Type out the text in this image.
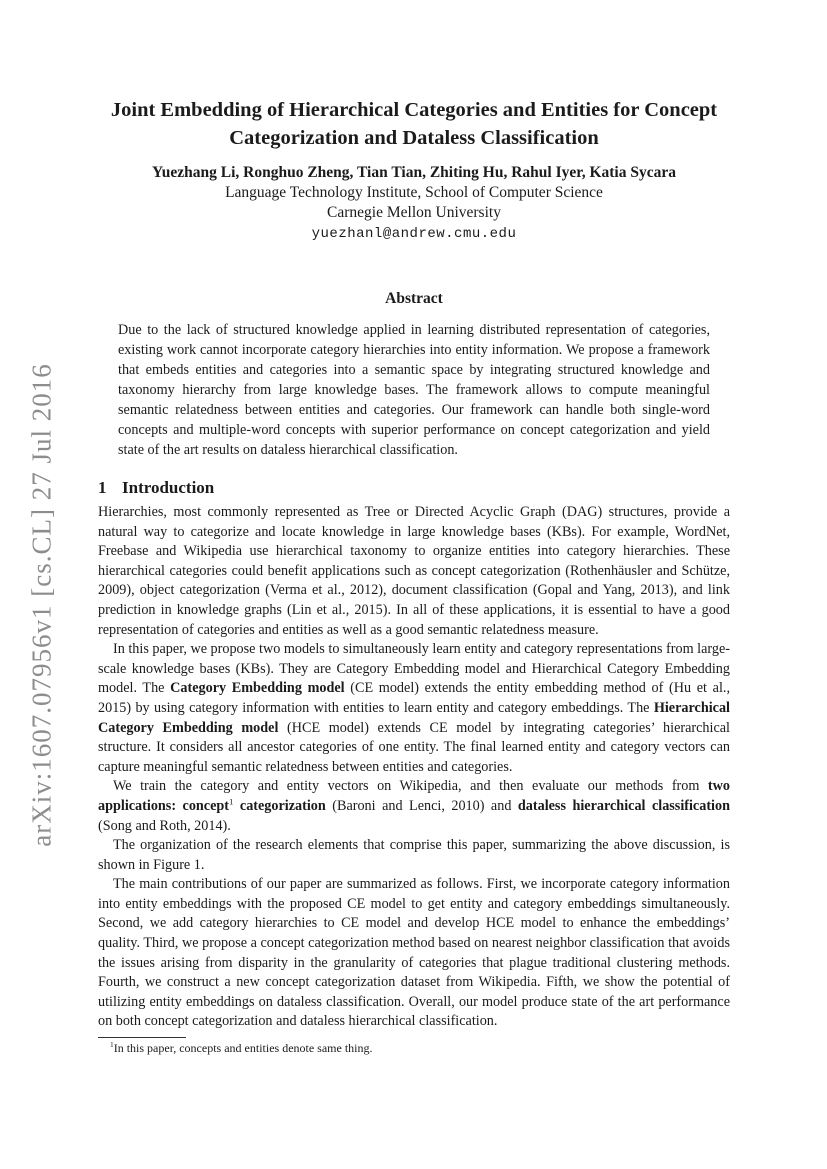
arXiv:1607.07956v1 [cs.CL] 27 Jul 2016
Joint Embedding of Hierarchical Categories and Entities for Concept
Categorization and Dataless Classification
Yuezhang Li, Ronghuo Zheng, Tian Tian, Zhiting Hu, Rahul Iyer, Katia Sycara
Language Technology Institute, School of Computer Science
Carnegie Mellon University
yuezhanl@andrew.cmu.edu
Abstract

Due to the lack of structured knowledge applied in learning distributed representation of categories, existing work cannot incorporate category hierarchies into entity information. We propose a framework that embeds entities and categories into a semantic space by integrating structured knowledge and taxonomy hierarchy from large knowledge bases. The framework allows to compute meaningful semantic relatedness between entities and categories. Our framework can handle both single-word concepts and multiple-word concepts with superior performance on concept categorization and yield state of the art results on dataless hierarchical classification.

1 Introduction

Hierarchies, most commonly represented as Tree or Directed Acyclic Graph (DAG) structures, provide a natural way to categorize and locate knowledge in large knowledge bases (KBs). For example, WordNet, Freebase and Wikipedia use hierarchical taxonomy to organize entities into category hierarchies. These hierarchical categories could benefit applications such as concept categorization (Rothenhäusler and Schütze, 2009), object categorization (Verma et al., 2012), document classification (Gopal and Yang, 2013), and link prediction in knowledge graphs (Lin et al., 2015). In all of these applications, it is essential to have a good representation of categories and entities as well as a good semantic relatedness measure.

In this paper, we propose two models to simultaneously learn entity and category representations from large-scale knowledge bases (KBs). They are Category Embedding model and Hierarchical Category Embedding model. The Category Embedding model (CE model) extends the entity embedding method of (Hu et al., 2015) by using category information with entities to learn entity and category embeddings. The Hierarchical Category Embedding model (HCE model) extends CE model by integrating categories’ hierarchical structure. It considers all ancestor categories of one entity. The final learned entity and category vectors can capture meaningful semantic relatedness between entities and categories.

We train the category and entity vectors on Wikipedia, and then evaluate our methods from two applications: concept$^1$ categorization (Baroni and Lenci, 2010) and dataless hierarchical classification (Song and Roth, 2014).

The organization of the research elements that comprise this paper, summarizing the above discussion, is shown in Figure 1.

The main contributions of our paper are summarized as follows. First, we incorporate category information into entity embeddings with the proposed CE model to get entity and category embeddings simultaneously. Second, we add category hierarchies to CE model and develop HCE model to enhance the embeddings’ quality. Third, we propose a concept categorization method based on nearest neighbor classification that avoids the issues arising from disparity in the granularity of categories that plague traditional clustering methods. Fourth, we construct a new concept categorization dataset from Wikipedia. Fifth, we show the potential of utilizing entity embeddings on dataless classification. Overall, our model produce state of the art performance on both concept categorization and dataless hierarchical classification.

$^1$In this paper, concepts and entities denote same thing.
